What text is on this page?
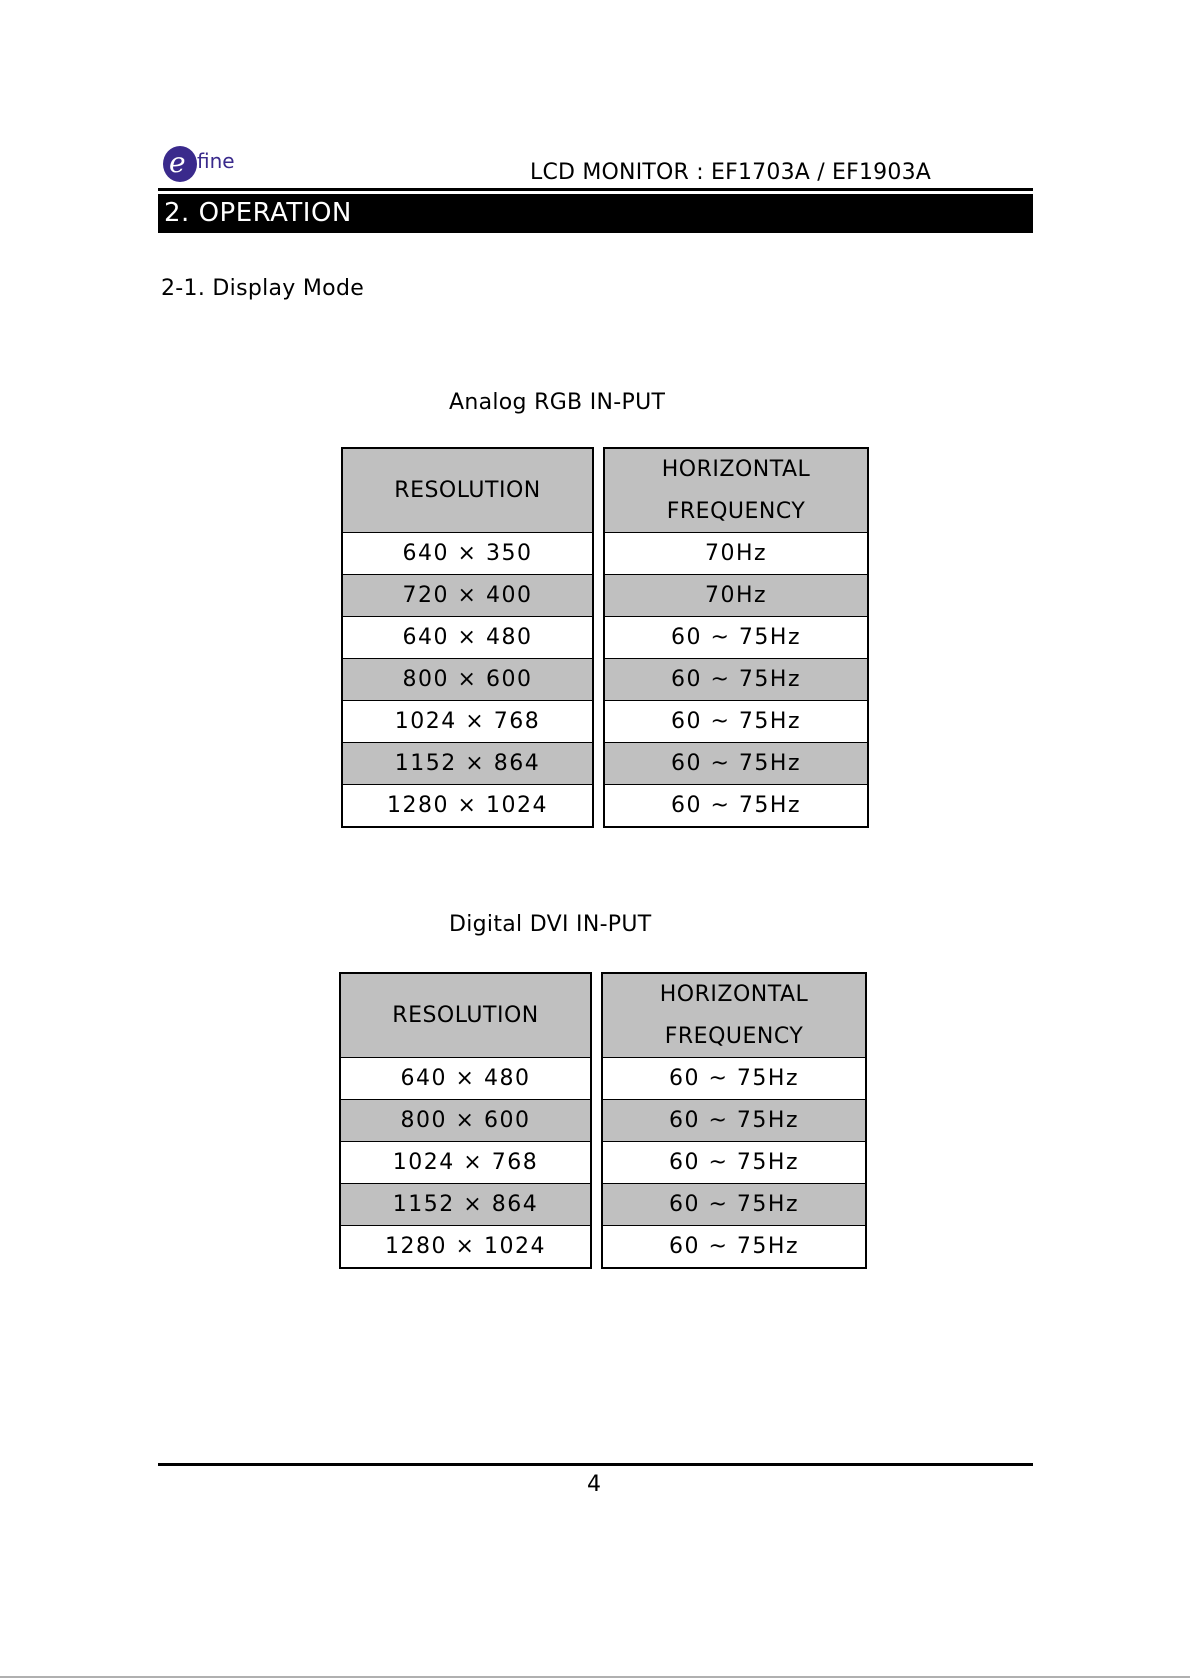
e fine	LCD MONITOR : EF1703A / EF1903A
2. OPERATION
2-1. Display Mode
Analog RGB IN-PUT
RESOLUTION
640 × 350
720 × 400
640 × 480
800 × 600
1024 × 768
1152 × 864
1280 × 1024
HORIZONTAL
FREQUENCY
70Hz
70Hz
60 ~ 75Hz
60 ~ 75Hz
60 ~ 75Hz
60 ~ 75Hz
60 ~ 75Hz
Digital DVI IN-PUT
RESOLUTION
640 × 480
800 × 600
1024 × 768
1152 × 864
1280 × 1024
HORIZONTAL
FREQUENCY
60 ~ 75Hz
60 ~ 75Hz
60 ~ 75Hz
60 ~ 75Hz
60 ~ 75Hz
4
